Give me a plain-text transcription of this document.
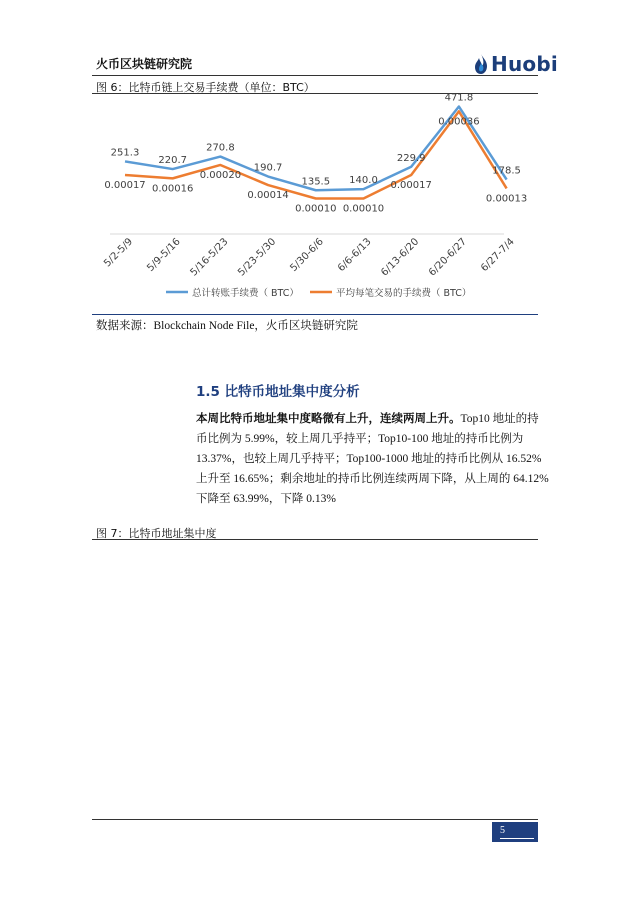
火币区块链研究院	Huobi
图 6：比特币链上交易手续费（单位：BTC）
251.3
220.7
270.8
190.7
135.5 140.0
229.9
471.8
178.5
0.00017 0.00016
0.00020
0.00014
0.00010 0.00010
0.00017
0.00036
0.00013
5/2-5/9 5/9-5/16 5/16-5/23 5/23-5/30 5/30-6/6 6/6-6/13 6/13-6/20 6/20-6/27 6/27-7/4
总计转账手续费（ BTC）	平均每笔交易的手续费（ BTC）
数据来源：Blockchain Node File，火币区块链研究院
1.5 比特币地址集中度分析
本周比特币地址集中度略微有上升，连续两周上升。Top10 地址的持
币比例为 5.99%，较上周几乎持平；Top10-100 地址的持币比例为
13.37%，也较上周几乎持平；Top100-1000 地址的持币比例从 16.52%
上升至 16.65%；剩余地址的持币比例连续两周下降，从上周的 64.12%
下降至 63.99%，下降 0.13%
图 7：比特币地址集中度
5
